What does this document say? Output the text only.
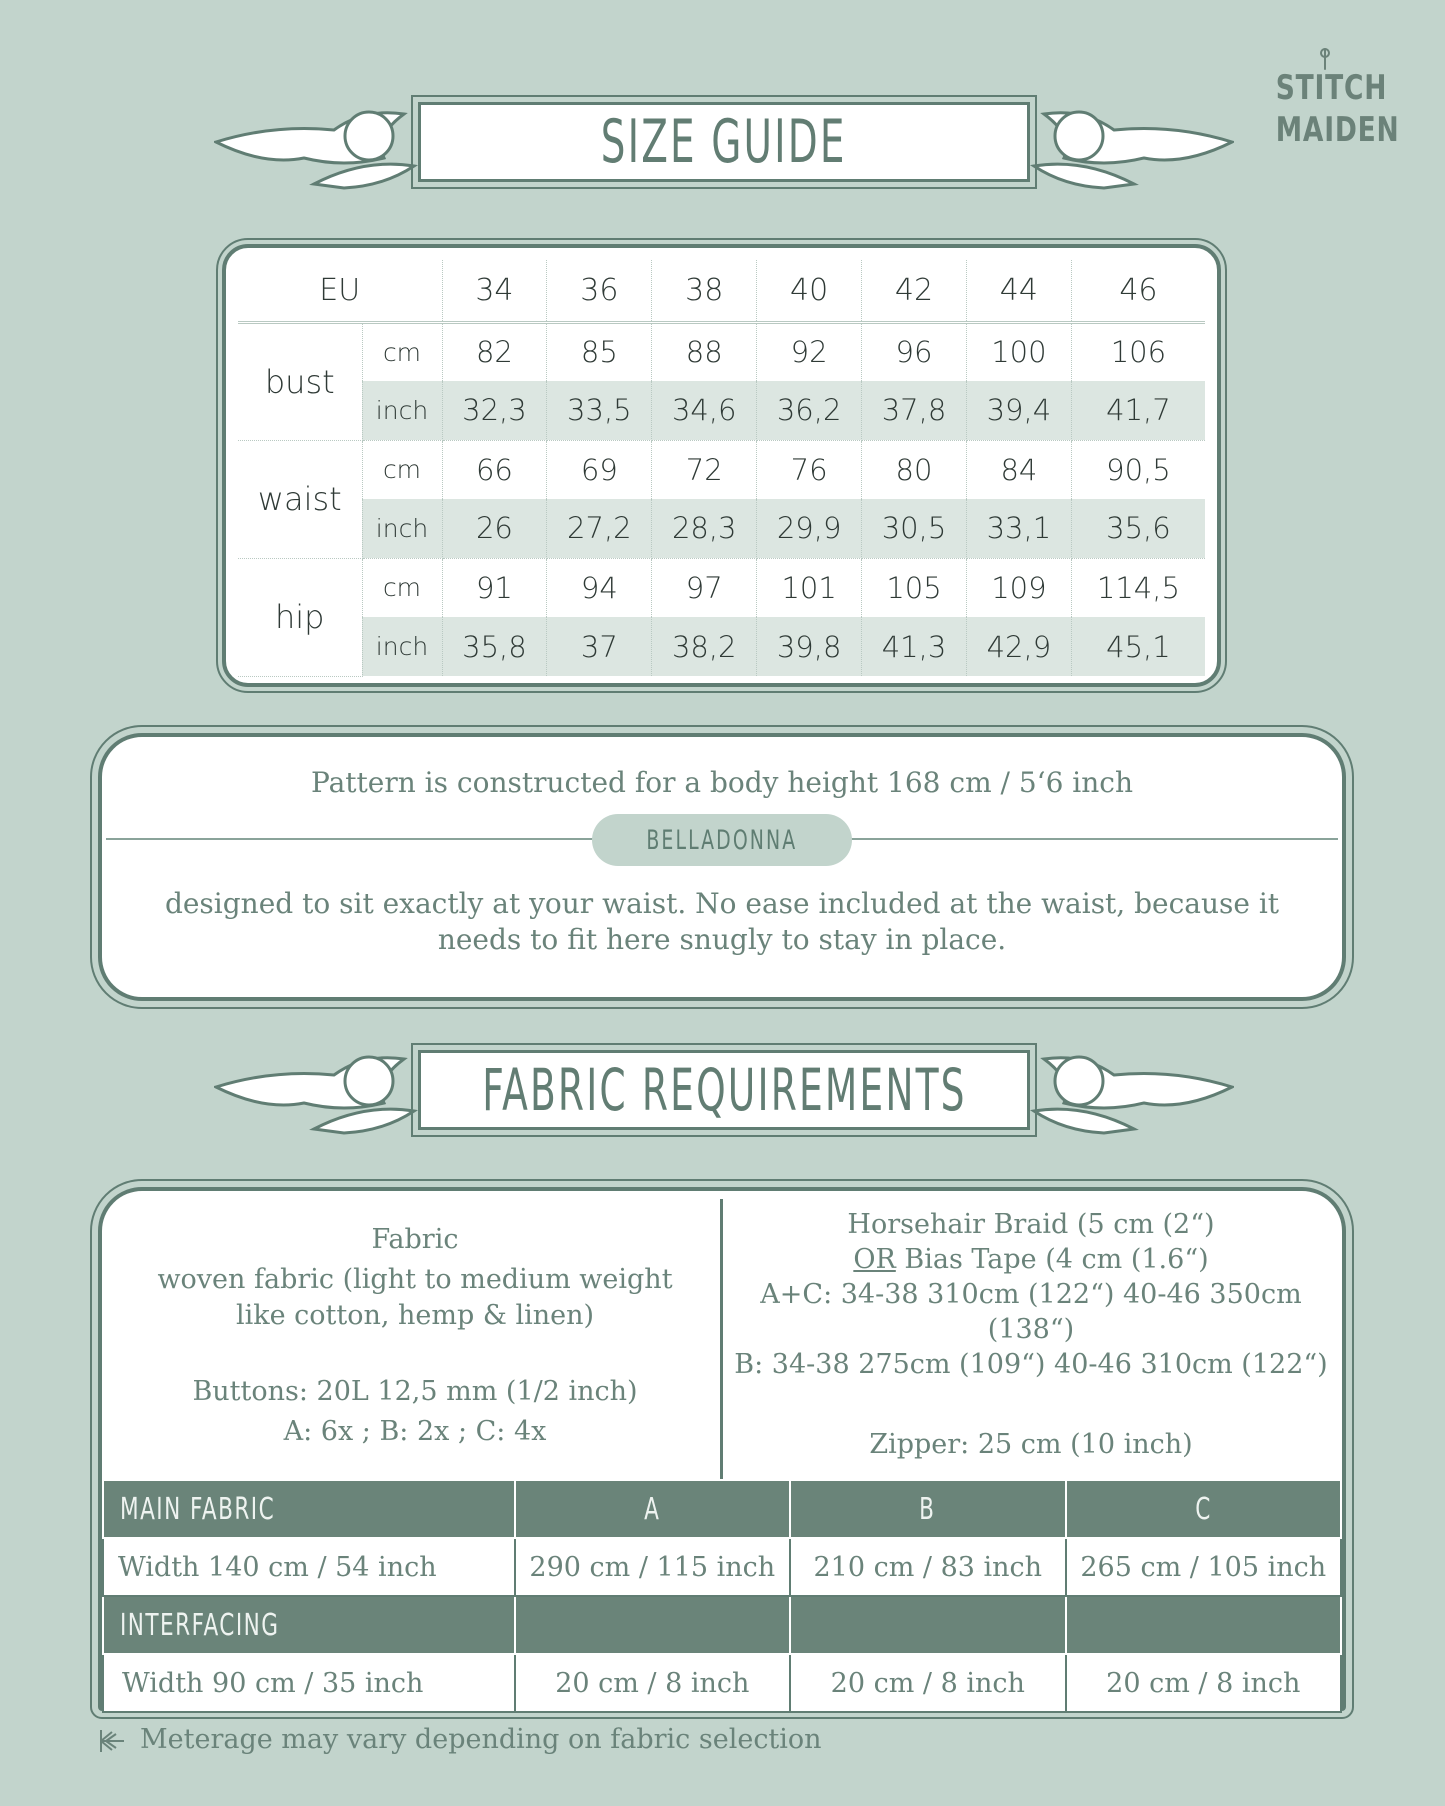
STITCH
MAIDEN
SIZE GUIDE
EU		34	36	38	40	42	44	46
bust	cm	82	85	88	92	96	100	106
	inch	32,3	33,5	34,6	36,2	37,8	39,4	41,7
waist	cm	66	69	72	76	80	84	90,5
	inch	26	27,2	28,3	29,9	30,5	33,1	35,6
hip	cm	91	94	97	101	105	109	114,5
	inch	35,8	37	38,2	39,8	41,3	42,9	45,1
Pattern is constructed for a body height 168 cm / 5‘6 inch
BELLADONNA
designed to sit exactly at your waist. No ease included at the waist, because it needs to fit here snugly to stay in place.
FABRIC REQUIREMENTS
Fabric
woven fabric (light to medium weight
like cotton, hemp & linen)
Buttons: 20L 12,5 mm (1/2 inch)
A: 6x ; B: 2x ; C: 4x
Horsehair Braid (5 cm (2“)
OR Bias Tape (4 cm (1.6“)
A+C: 34-38 310cm (122“) 40-46 350cm
(138“)
B: 34-38 275cm (109“) 40-46 310cm (122“)
Zipper: 25 cm (10 inch)
MAIN FABRIC	A	B	C
Width 140 cm / 54 inch	290 cm / 115 inch	210 cm / 83 inch	265 cm / 105 inch
INTERFACING			
Width 90 cm / 35 inch	20 cm / 8 inch	20 cm / 8 inch	20 cm / 8 inch
Meterage may vary depending on fabric selection
